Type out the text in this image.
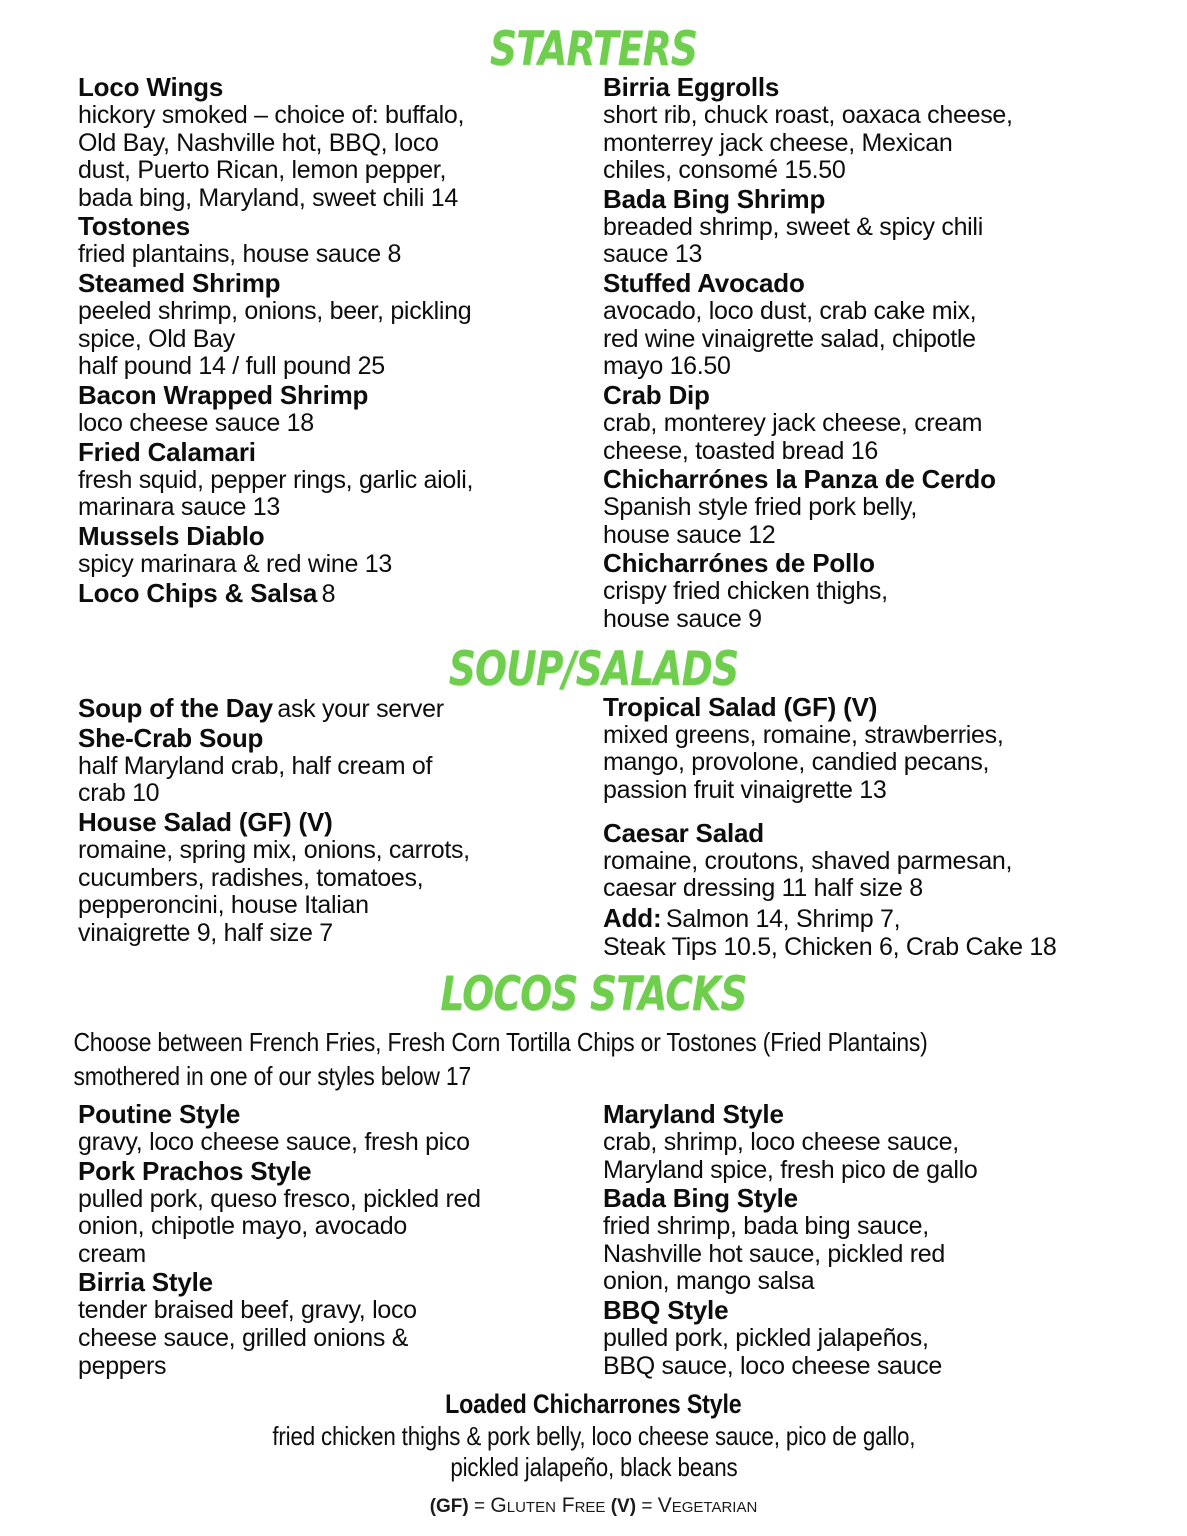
STARTERS
Loco Wings
hickory smoked – choice of: buffalo,
Old Bay, Nashville hot, BBQ, loco
dust, Puerto Rican, lemon pepper,
bada bing, Maryland, sweet chili 14
Tostones
fried plantains, house sauce 8
Steamed Shrimp
peeled shrimp, onions, beer, pickling
spice, Old Bay
half pound 14 / full pound 25
Bacon Wrapped Shrimp
loco cheese sauce 18
Fried Calamari
fresh squid, pepper rings, garlic aioli,
marinara sauce 13
Mussels Diablo
spicy marinara & red wine 13
Loco Chips & Salsa 8
Birria Eggrolls
short rib, chuck roast, oaxaca cheese,
monterrey jack cheese, Mexican
chiles, consomé 15.50
Bada Bing Shrimp
breaded shrimp, sweet & spicy chili
sauce 13
Stuffed Avocado
avocado, loco dust, crab cake mix,
red wine vinaigrette salad, chipotle
mayo 16.50
Crab Dip
crab, monterey jack cheese, cream
cheese, toasted bread 16
Chicharrónes la Panza de Cerdo
Spanish style fried pork belly,
house sauce 12
Chicharrónes de Pollo
crispy fried chicken thighs,
house sauce 9
SOUP/SALADS
Soup of the Day ask your server
She-Crab Soup
half Maryland crab, half cream of
crab 10
House Salad (GF) (V)
romaine, spring mix, onions, carrots,
cucumbers, radishes, tomatoes,
pepperoncini, house Italian
vinaigrette 9, half size 7
Tropical Salad (GF) (V)
mixed greens, romaine, strawberries,
mango, provolone, candied pecans,
passion fruit vinaigrette 13
Caesar Salad
romaine, croutons, shaved parmesan,
caesar dressing 11 half size 8
Add: Salmon 14, Shrimp 7,
Steak Tips 10.5, Chicken 6, Crab Cake 18
LOCOS STACKS
Choose between French Fries, Fresh Corn Tortilla Chips or Tostones (Fried Plantains)
smothered in one of our styles below 17
Poutine Style
gravy, loco cheese sauce, fresh pico
Pork Prachos Style
pulled pork, queso fresco, pickled red
onion, chipotle mayo, avocado
cream
Birria Style
tender braised beef, gravy, loco
cheese sauce, grilled onions &
peppers
Maryland Style
crab, shrimp, loco cheese sauce,
Maryland spice, fresh pico de gallo
Bada Bing Style
fried shrimp, bada bing sauce,
Nashville hot sauce, pickled red
onion, mango salsa
BBQ Style
pulled pork, pickled jalapeños,
BBQ sauce, loco cheese sauce
Loaded Chicharrones Style
fried chicken thighs & pork belly, loco cheese sauce, pico de gallo,
pickled jalapeño, black beans
(GF) = Gluten Free (V) = Vegetarian
